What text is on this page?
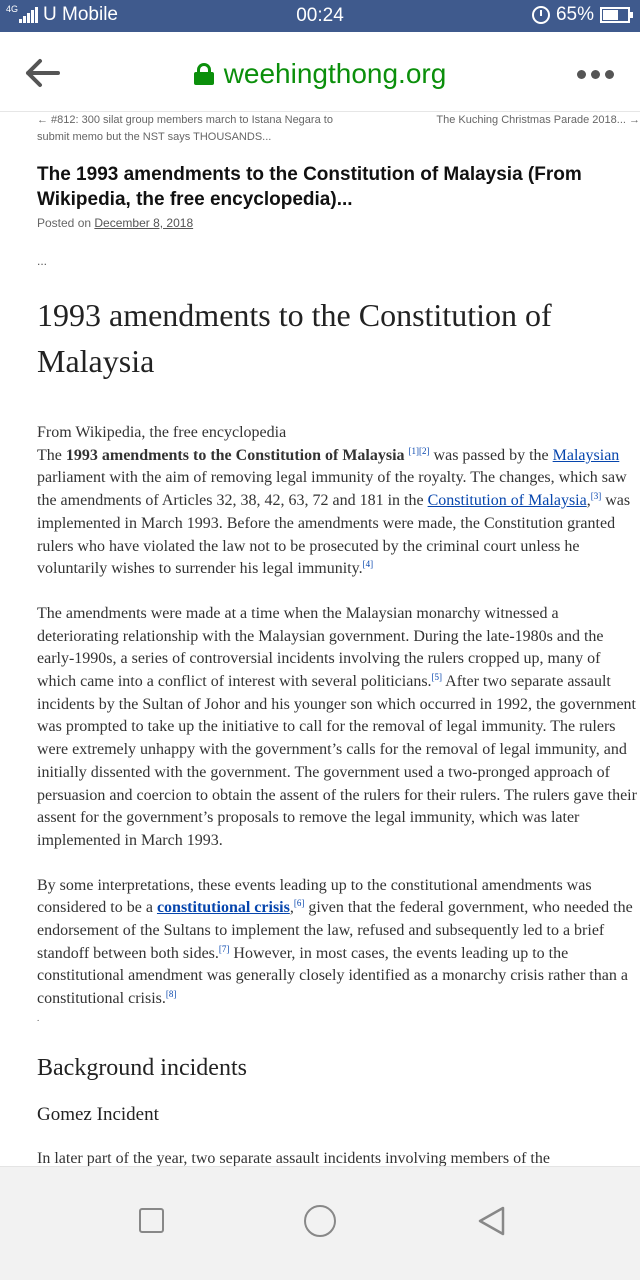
4G U Mobile	00:24	65%
weehingthong.org
← #812: 300 silat group members march to Istana Negara to submit memo but the NST says THOUSANDS...
The Kuching Christmas Parade 2018... →
The 1993 amendments to the Constitution of Malaysia (From Wikipedia, the free encyclopedia)...
Posted on December 8, 2018
...
1993 amendments to the Constitution of Malaysia

From Wikipedia, the free encyclopedia

The 1993 amendments to the Constitution of Malaysia [1][2] was passed by the Malaysian parliament with the aim of removing legal immunity of the royalty. The changes, which saw the amendments of Articles 32, 38, 42, 63, 72 and 181 in the Constitution of Malaysia,[3] was implemented in March 1993. Before the amendments were made, the Constitution granted rulers who have violated the law not to be prosecuted by the criminal court unless he voluntarily wishes to surrender his legal immunity.[4]

The amendments were made at a time when the Malaysian monarchy witnessed a deteriorating relationship with the Malaysian government. During the late-1980s and the early-1990s, a series of controversial incidents involving the rulers cropped up, many of which came into a conflict of interest with several politicians.[5] After two separate assault incidents by the Sultan of Johor and his younger son which occurred in 1992, the government was prompted to take up the initiative to call for the removal of legal immunity. The rulers were extremely unhappy with the government’s calls for the removal of legal immunity, and initially dissented with the government. The government used a two-pronged approach of persuasion and coercion to obtain the assent of the rulers for their rulers. The rulers gave their assent for the government’s proposals to remove the legal immunity, which was later implemented in March 1993.

By some interpretations, these events leading up to the constitutional amendments was considered to be a constitutional crisis,[6] given that the federal government, who needed the endorsement of the Sultans to implement the law, refused and subsequently led to a brief standoff between both sides.[7] However, in most cases, the events leading up to the constitutional amendment was generally closely identified as a monarchy crisis rather than a constitutional crisis.[8]

.
Background incidents
Gomez Incident

In later part of the year, two separate assault incidents involving members of the
